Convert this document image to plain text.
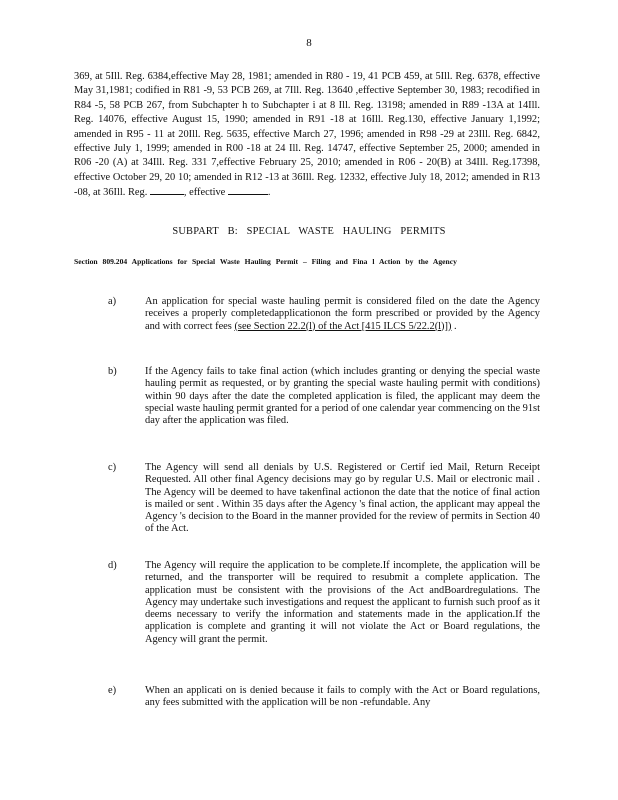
8
369, at 5Ill. Reg. 6384,effective May 28, 1981; amended in R80 - 19, 41 PCB 459, at 5Ill. Reg. 6378, effective May 31,1981; codified in R81 -9, 53 PCB 269, at 7Ill. Reg. 13640 ,effective September 30, 1983; recodified in R84 -5, 58 PCB 267, from Subchapter h to Subchapter i at 8 Ill. Reg. 13198; amended in R89 -13A at 14Ill. Reg. 14076, effective August 15, 1990; amended in R91 -18 at 16Ill. Reg.130, effective January 1,1992; amended in R95 - 11 at 20Ill. Reg. 5635, effective March 27, 1996; amended in R98 -29 at 23Ill. Reg. 6842, effective July 1, 1999; amended in R00 -18 at 24 Ill. Reg. 14747, effective September 25, 2000; amended in R06 -20 (A) at 34Ill. Reg. 331 7,effective February 25, 2010; amended in R06 - 20(B) at 34Ill. Reg.17398, effective October 29, 20 10; amended in R12 -13 at 36Ill. Reg. 12332, effective July 18, 2012; amended in R13 -08, at 36Ill. Reg.	, effective	.
SUBPART B: SPECIAL WASTE HAULING PERMITS
Section 809.204 Applications for Special Waste Hauling Permit – Filing and Fina l Action by the Agency
a)	An application for special waste hauling permit is considered filed on the date the Agency receives a properly completedapplicationon the form prescribed or provided by the Agency and with correct fees (see Section 22.2(l) of the Act [415 ILCS 5/22.2(l)]) .
b)	If the Agency fails to take final action (which includes granting or denying the special waste hauling permit as requested, or by granting the special waste hauling permit with conditions) within 90 days after the date the completed application is filed, the applicant may deem the special waste hauling permit granted for a period of one calendar year commencing on the 91st day after the application was filed.
c)	The Agency will send all denials by U.S. Registered or Certif ied Mail, Return Receipt Requested. All other final Agency decisions may go by regular U.S. Mail or electronic mail . The Agency will be deemed to have takenfinal actionon the date that the notice of final action is mailed or sent . Within 35 days after the Agency 's final action, the applicant may appeal the Agency 's decision to the Board in the manner provided for the review of permits in Section 40 of the Act.
d)	The Agency will require the application to be complete.If incomplete, the application will be returned, and the transporter will be required to resubmit a complete application. The application must be consistent with the provisions of the Act andBoardregulations. The Agency may undertake such investigations and request the applicant to furnish such proof as it deems necessary to verify the information and statements made in the application.If the application is complete and granting it will not violate the Act or Board regulations, the Agency will grant the permit.
e)	When an applicati on is denied because it fails to comply with the Act or Board regulations, any fees submitted with the application will be non -refundable. Any
